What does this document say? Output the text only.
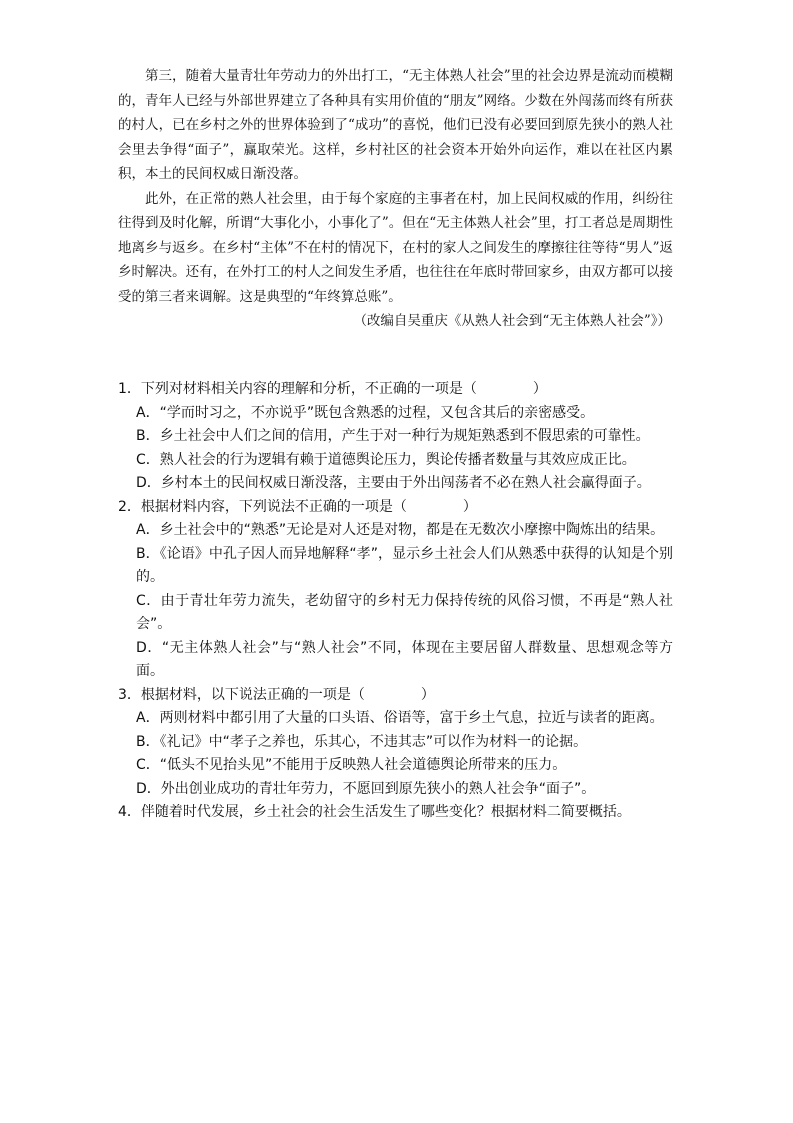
第三，随着大量青壮年劳动力的外出打工，“无主体熟人社会”里的社会边界是流动而模糊的，青年人已经与外部世界建立了各种具有实用价值的“朋友”网络。少数在外闯荡而终有所获的村人，已在乡村之外的世界体验到了“成功”的喜悦，他们已没有必要回到原先狭小的熟人社会里去争得“面子”，赢取荣光。这样，乡村社区的社会资本开始外向运作，难以在社区内累积，本土的民间权威日渐没落。

此外，在正常的熟人社会里，由于每个家庭的主事者在村，加上民间权威的作用，纠纷往往得到及时化解，所谓“大事化小，小事化了”。但在“无主体熟人社会”里，打工者总是周期性地离乡与返乡。在乡村“主体”不在村的情况下，在村的家人之间发生的摩擦往往等待“男人”返乡时解决。还有，在外打工的村人之间发生矛盾，也往往在年底时带回家乡，由双方都可以接受的第三者来调解。这是典型的“年终算总账”。

（改编自吴重庆《从熟人社会到“无主体熟人社会”》）

1．下列对材料相关内容的理解和分析，不正确的一项是（　　　　）

A．“学而时习之，不亦说乎”既包含熟悉的过程，又包含其后的亲密感受。

B．乡土社会中人们之间的信用，产生于对一种行为规矩熟悉到不假思索的可靠性。

C．熟人社会的行为逻辑有赖于道德舆论压力，舆论传播者数量与其效应成正比。

D．乡村本土的民间权威日渐没落，主要由于外出闯荡者不必在熟人社会赢得面子。

2．根据材料内容，下列说法不正确的一项是（　　　　）

A．乡土社会中的“熟悉”无论是对人还是对物，都是在无数次小摩擦中陶炼出的结果。

B．《论语》中孔子因人而异地解释“孝”，显示乡土社会人们从熟悉中获得的认知是个别的。

C．由于青壮年劳力流失，老幼留守的乡村无力保持传统的风俗习惯，不再是“熟人社会”。

D．“无主体熟人社会”与“熟人社会”不同，体现在主要居留人群数量、思想观念等方面。

3．根据材料，以下说法正确的一项是（　　　　）

A．两则材料中都引用了大量的口头语、俗语等，富于乡土气息，拉近与读者的距离。

B．《礼记》中“孝子之养也，乐其心，不违其志”可以作为材料一的论据。

C．“低头不见抬头见”不能用于反映熟人社会道德舆论所带来的压力。

D．外出创业成功的青壮年劳力，不愿回到原先狭小的熟人社会争“面子”。

4．伴随着时代发展，乡土社会的社会生活发生了哪些变化？根据材料二简要概括。
